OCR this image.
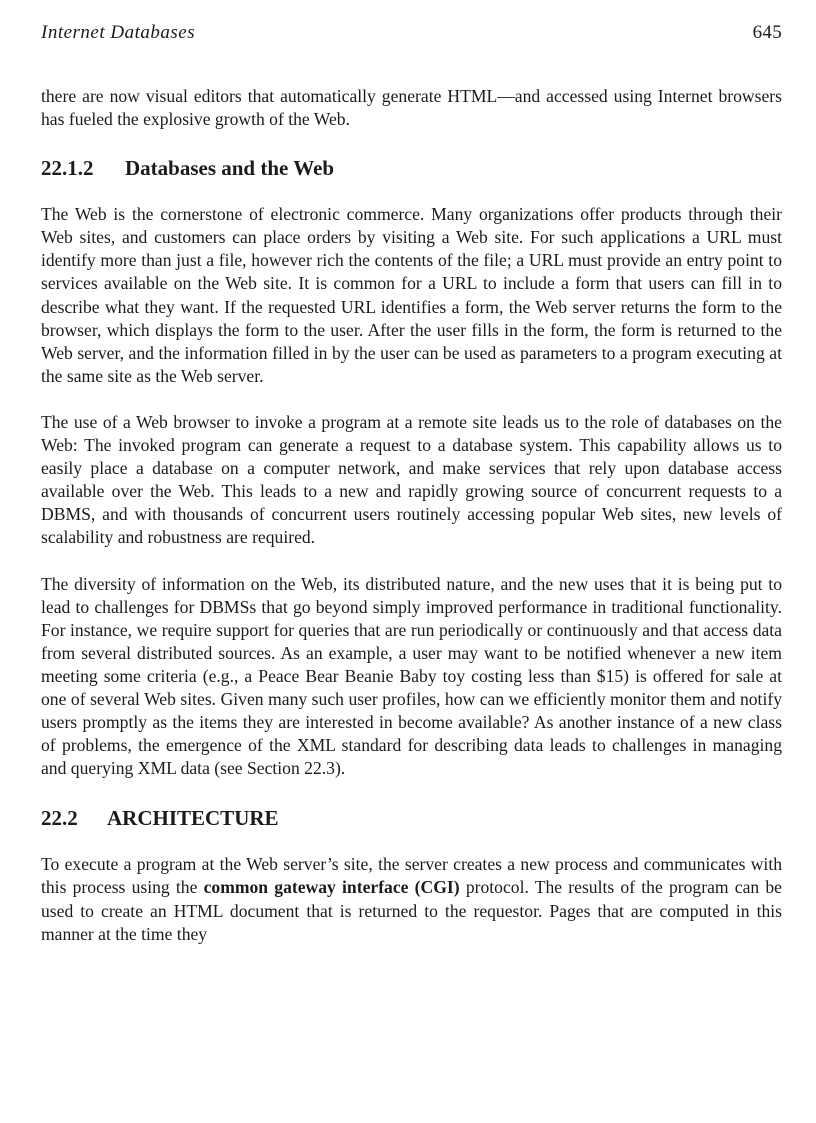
Internet Databases	645

there are now visual editors that automatically generate HTML—and accessed using Internet browsers has fueled the explosive growth of the Web.

22.1.2 Databases and the Web

The Web is the cornerstone of electronic commerce. Many organizations offer products through their Web sites, and customers can place orders by visiting a Web site. For such applications a URL must identify more than just a file, however rich the contents of the file; a URL must provide an entry point to services available on the Web site. It is common for a URL to include a form that users can fill in to describe what they want. If the requested URL identifies a form, the Web server returns the form to the browser, which displays the form to the user. After the user fills in the form, the form is returned to the Web server, and the information filled in by the user can be used as parameters to a program executing at the same site as the Web server.

The use of a Web browser to invoke a program at a remote site leads us to the role of databases on the Web: The invoked program can generate a request to a database system. This capability allows us to easily place a database on a computer network, and make services that rely upon database access available over the Web. This leads to a new and rapidly growing source of concurrent requests to a DBMS, and with thousands of concurrent users routinely accessing popular Web sites, new levels of scalability and robustness are required.

The diversity of information on the Web, its distributed nature, and the new uses that it is being put to lead to challenges for DBMSs that go beyond simply improved performance in traditional functionality. For instance, we require support for queries that are run periodically or continuously and that access data from several distributed sources. As an example, a user may want to be notified whenever a new item meeting some criteria (e.g., a Peace Bear Beanie Baby toy costing less than $15) is offered for sale at one of several Web sites. Given many such user profiles, how can we efficiently monitor them and notify users promptly as the items they are interested in become available? As another instance of a new class of problems, the emergence of the XML standard for describing data leads to challenges in managing and querying XML data (see Section 22.3).

22.2 ARCHITECTURE

To execute a program at the Web server’s site, the server creates a new process and communicates with this process using the common gateway interface (CGI) protocol. The results of the program can be used to create an HTML document that is returned to the requestor. Pages that are computed in this manner at the time they
